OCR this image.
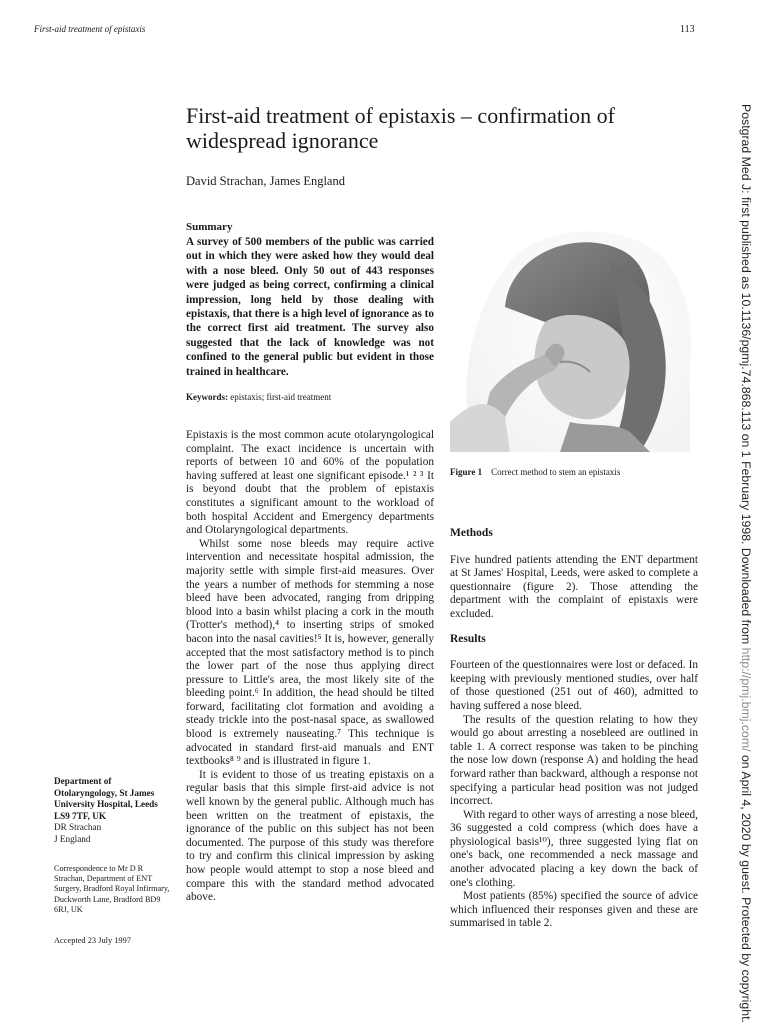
First-aid treatment of epistaxis	113
First-aid treatment of epistaxis – confirmation of widespread ignorance
David Strachan, James England
Summary
A survey of 500 members of the public was carried out in which they were asked how they would deal with a nose bleed. Only 50 out of 443 responses were judged as being correct, confirming a clinical impression, long held by those dealing with epistaxis, that there is a high level of ignorance as to the correct first aid treatment. The survey also suggested that the lack of knowledge was not confined to the general public but evident in those trained in healthcare.
Keywords: epistaxis; first-aid treatment

Epistaxis is the most common acute otolaryngological complaint. The exact incidence is uncertain with reports of between 10 and 60% of the population having suffered at least one significant episode.¹ ² ³ It is beyond doubt that the problem of epistaxis constitutes a significant amount to the workload of both hospital Accident and Emergency departments and Otolaryngological departments.

Whilst some nose bleeds may require active intervention and necessitate hospital admission, the majority settle with simple first-aid measures. Over the years a number of methods for stemming a nose bleed have been advocated, ranging from dripping blood into a basin whilst placing a cork in the mouth (Trotter's method),⁴ to inserting strips of smoked bacon into the nasal cavities!⁵ It is, however, generally accepted that the most satisfactory method is to pinch the lower part of the nose thus applying direct pressure to Little's area, the most likely site of the bleeding point.⁶ In addition, the head should be tilted forward, facilitating clot formation and avoiding a steady trickle into the post-nasal space, as swallowed blood is extremely nauseating.⁷ This technique is advocated in standard first-aid manuals and ENT textbooks⁸ ⁹ and is illustrated in figure 1.

It is evident to those of us treating epistaxis on a regular basis that this simple first-aid advice is not well known by the general public. Although much has been written on the treatment of epistaxis, the ignorance of the public on this subject has not been documented. The purpose of this study was therefore to try and confirm this clinical impression by asking how people would attempt to stop a nose bleed and compare this with the standard method advocated above.

Figure 1 Correct method to stem an epistaxis
Methods

Five hundred patients attending the ENT department at St James' Hospital, Leeds, were asked to complete a questionnaire (figure 2). Those attending the department with the complaint of epistaxis were excluded.

Results

Fourteen of the questionnaires were lost or defaced. In keeping with previously mentioned studies, over half of those questioned (251 out of 460), admitted to having suffered a nose bleed.

The results of the question relating to how they would go about arresting a nosebleed are outlined in table 1. A correct response was taken to be pinching the nose low down (response A) and holding the head forward rather than backward, although a response not specifying a particular head position was not judged incorrect.

With regard to other ways of arresting a nose bleed, 36 suggested a cold compress (which does have a physiological basis¹⁰), three suggested lying flat on one's back, one recommended a neck massage and another advocated placing a key down the back of one's clothing.

Most patients (85%) specified the source of advice which influenced their responses given and these are summarised in table 2.

Department of Otolaryngology, St James University Hospital, Leeds LS9 7TF, UK
DR Strachan
J England
Correspondence to Mr D R Strachan, Department of ENT Surgery, Bradford Royal Infirmary, Duckworth Lane, Bradford BD9 6RJ, UK
Accepted 23 July 1997
Postgrad Med J: first published as 10.1136/pgmj.74.868.113 on 1 February 1998. Downloaded from http://pmj.bmj.com/ on April 4, 2020 by guest. Protected by copyright.
